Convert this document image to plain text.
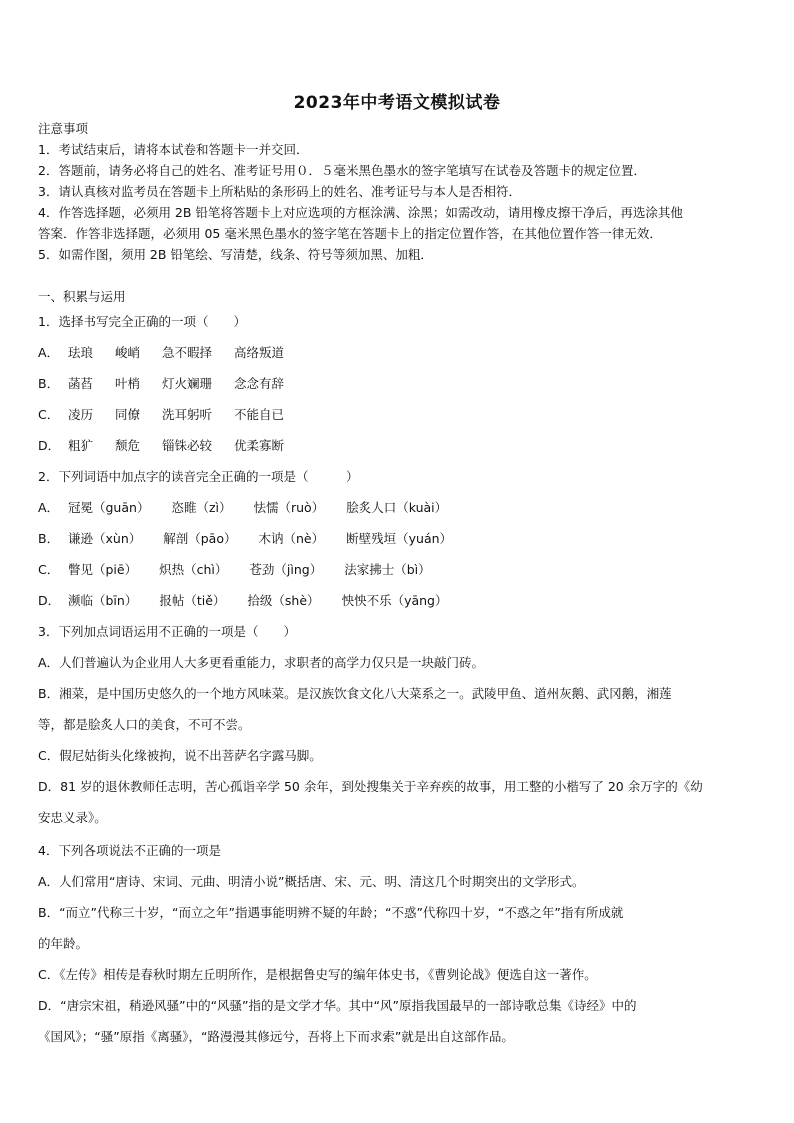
2023年中考语文模拟试卷
注意事项
1．考试结束后，请将本试卷和答题卡一并交回．
2．答题前，请务必将自己的姓名、准考证号用０．５毫米黑色墨水的签字笔填写在试卷及答题卡的规定位置．
3．请认真核对监考员在答题卡上所粘贴的条形码上的姓名、准考证号与本人是否相符．
4．作答选择题，必须用 2B 铅笔将答题卡上对应选项的方框涂满、涂黑；如需改动，请用橡皮擦干净后，再选涂其他
答案．作答非选择题，必须用 05 毫米黑色墨水的签字笔在答题卡上的指定位置作答，在其他位置作答一律无效．
5．如需作图，须用 2B 铅笔绘、写清楚，线条、符号等须加黑、加粗．
一、积累与运用
1．选择书写完全正确的一项（　　）
A． 珐琅 峻峭 急不暇择 高络叛道
B． 菡萏 叶梢 灯火斓珊 念念有辞
C． 凌历 同僚 洗耳躬听 不能自已
D． 粗犷 颓危 锱铢必较 优柔寡断
2．下列词语中加点字的读音完全正确的一项是（　　　）
A． 冠冕（guān） 恣睢（zì） 怯懦（ruò） 脍炙人口（kuài）
B． 谦逊（xùn） 解剖（pāo） 木讷（nè） 断壁残垣（yuán）
C． 瞥见（piē） 炽热（chì） 苍劲（jìng） 法家拂士（bì）
D． 濒临（bīn） 报帖（tiě） 拾级（shè） 怏怏不乐（yāng）
3．下列加点词语运用不正确的一项是（　　）
A．人们普遍认为企业用人大多更看重能力，求职者的高学力仅只是一块敲门砖。
B．湘菜，是中国历史悠久的一个地方风味菜。是汉族饮食文化八大菜系之一。武陵甲鱼、道州灰鹅、武冈鹅，湘莲
等，都是脍炙人口的美食，不可不尝。
C．假尼姑街头化缘被拘，说不出菩萨名字露马脚。
D．81 岁的退休教师任志明，苦心孤诣辛学 50 余年，到处搜集关于辛弃疾的故事，用工整的小楷写了 20 余万字的《幼
安忠义录》。
4．下列各项说法不正确的一项是
A．人们常用“唐诗、宋词、元曲、明清小说”概括唐、宋、元、明、清这几个时期突出的文学形式。
B．“而立”代称三十岁，“而立之年”指遇事能明辨不疑的年龄；“不惑”代称四十岁，“不惑之年”指有所成就
的年龄。
C．《左传》相传是春秋时期左丘明所作，是根据鲁史写的编年体史书，《曹刿论战》便选自这一著作。
D．“唐宗宋祖，稍逊风骚”中的“风骚”指的是文学才华。其中“风”原指我国最早的一部诗歌总集《诗经》中的
《国风》；“骚”原指《离骚》，“路漫漫其修远兮，吾将上下而求索”就是出自这部作品。
